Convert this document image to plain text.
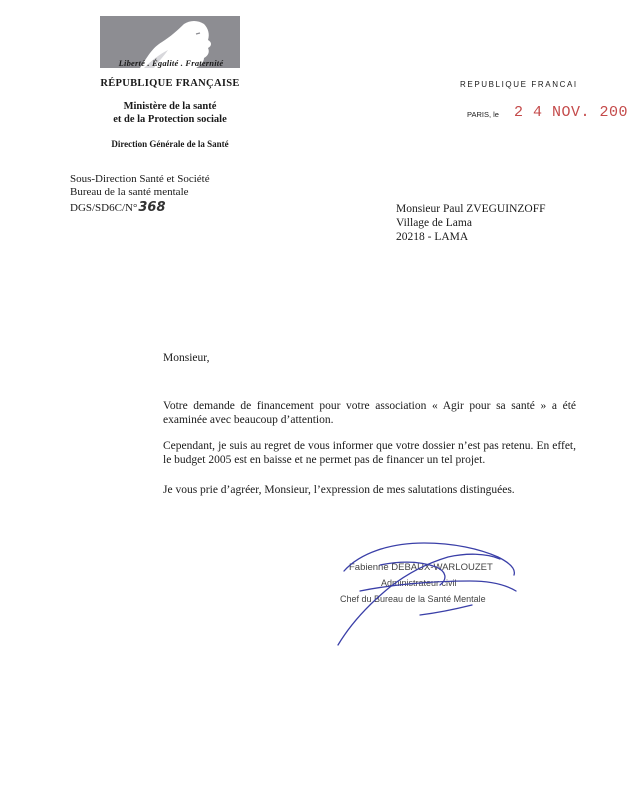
Liberté . Égalité . Fraternité
RÉPUBLIQUE FRANÇAISE
Ministère de la santé
et de la Protection sociale
Direction Générale de la Santé
Sous-Direction Santé et Société
Bureau de la santé mentale
DGS/SD6C/N°368
REPUBLIQUE FRANCAI
PARIS, le 2 4 NOV. 200
Monsieur Paul ZVEGUINZOFF
Village de Lama
20218 - LAMA
Monsieur,
Votre demande de financement pour votre association « Agir pour sa santé » a été examinée avec beaucoup d’attention.
Cependant, je suis au regret de vous informer que votre dossier n’est pas retenu. En effet, le budget 2005 est en baisse et ne permet pas de financer un tel projet.
Je vous prie d’agréer, Monsieur, l’expression de mes salutations distinguées.
Fabienne DEBAUX-WARLOUZET
Administrateur civil
Chef du Bureau de la Santé Mentale
